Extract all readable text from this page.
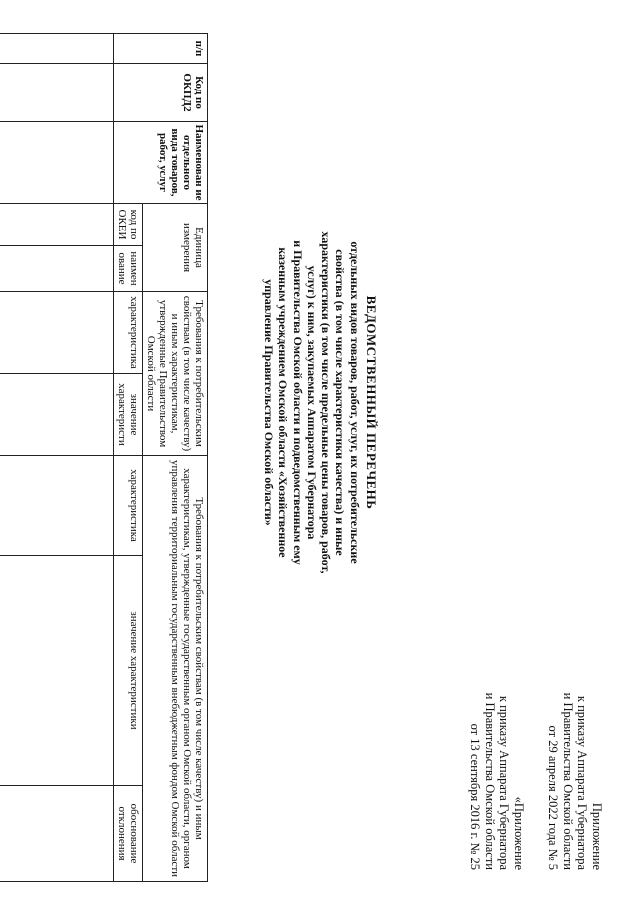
Приложение
к приказу Аппарата Губернатора
и Правительства Омской области
от 29 апреля 2022 года № 5
«Приложение
к приказу Аппарата Губернатора
и Правительства Омской области
от 13 сентября 2016 г. № 25
ВЕДОМСТВЕННЫЙ ПЕРЕЧЕНЬ
отдельных видов товаров, работ, услуг, их потребительские
свойства (в том числе характеристики качества) и иные
характеристики (в том числе предельные цены товаров, работ,
услуг) к ним, закупаемых Аппаратом Губернатора
и Правительства Омской области и подведомственным ему
казенным учреждением Омской области «Хозяйственное
управление Правительства Омской области»
п/п	Код по ОКПД2	Наименован ие отдельного вида товаров, работ, услуг	Единица измерения		Требования к потребительским свойствам (в том числе качеству) и иным характеристикам, утвержденные Правительством Омской области		Требования к потребительским свойствам (в том числе качеству) и иным характеристикам, утвержденные государственным органом Омской области, органом управления территориальным государственным внебюджетным фондом Омской области		
			код по ОКЕИ	наимен ование	характеристика	значение характеристи	характеристика	значение характеристики	обоснование отклонения
